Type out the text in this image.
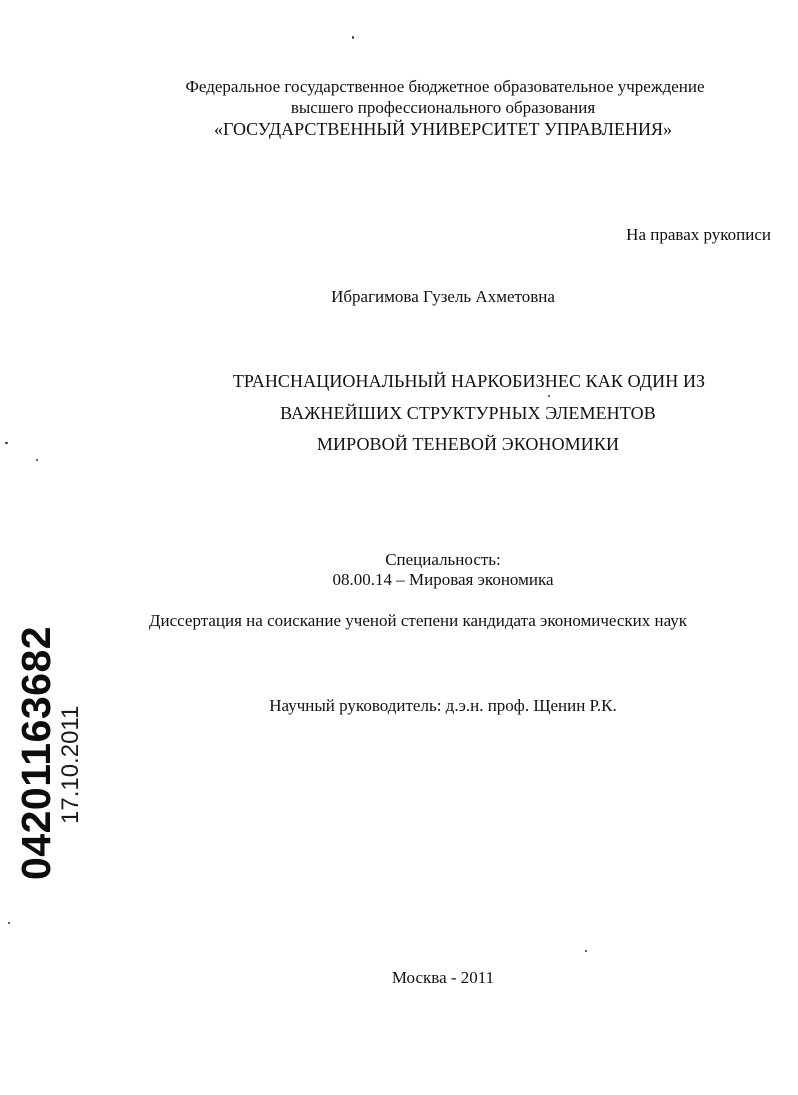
Федеральное государственное бюджетное образовательное учреждение
высшего профессионального образования
«ГОСУДАРСТВЕННЫЙ УНИВЕРСИТЕТ УПРАВЛЕНИЯ»
На правах рукописи
Ибрагимова Гузель Ахметовна
ТРАНСНАЦИОНАЛЬНЫЙ НАРКОБИЗНЕС КАК ОДИН ИЗ
ВАЖНЕЙШИХ СТРУКТУРНЫХ ЭЛЕМЕНТОВ
МИРОВОЙ ТЕНЕВОЙ ЭКОНОМИКИ
Специальность:
08.00.14 – Мировая экономика
Диссертация на соискание ученой степени кандидата экономических наук
Научный руководитель: д.э.н. проф. Щенин Р.К.
Москва - 2011
04201163682
17.10.2011
